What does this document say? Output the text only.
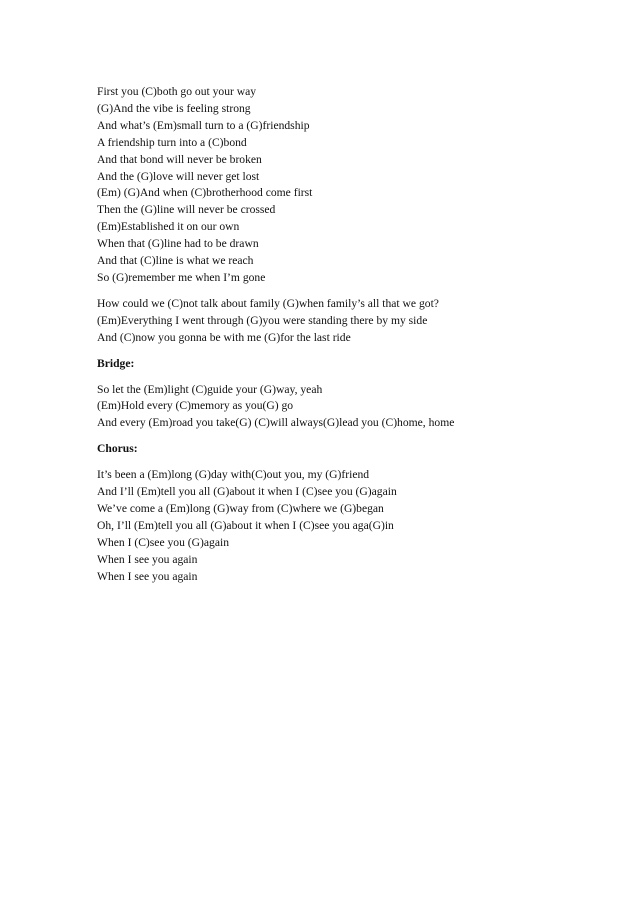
First you (C)both go out your way
(G)And the vibe is feeling strong
And what’s (Em)small turn to a (G)friendship
A friendship turn into a (C)bond
And that bond will never be broken
And the (G)love will never get lost
(Em) (G)And when (C)brotherhood come first
Then the (G)line will never be crossed
(Em)Established it on our own
When that (G)line had to be drawn
And that (C)line is what we reach
So (G)remember me when I’m gone
How could we (C)not talk about family (G)when family’s all that we got?
(Em)Everything I went through (G)you were standing there by my side
And (C)now you gonna be with me (G)for the last ride
Bridge:
So let the (Em)light (C)guide your (G)way, yeah
(Em)Hold every (C)memory as you(G) go
And every (Em)road you take(G) (C)will always(G)lead you (C)home, home
Chorus:
It’s been a (Em)long (G)day with(C)out you, my (G)friend
And I’ll (Em)tell you all (G)about it when I (C)see you (G)again
We’ve come a (Em)long (G)way from (C)where we (G)began
Oh, I’ll (Em)tell you all (G)about it when I (C)see you aga(G)in
When I (C)see you (G)again
When I see you again
When I see you again
